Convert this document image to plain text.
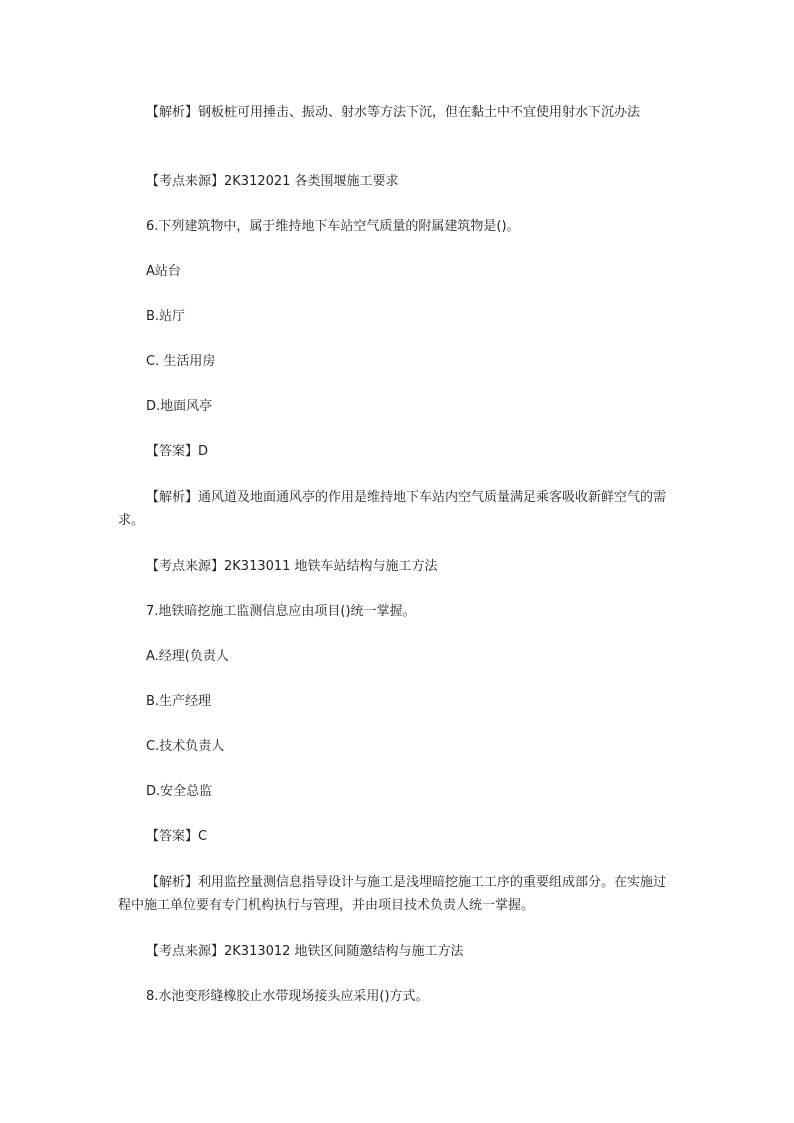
【解析】钢板桩可用捶击、振动、射水等方法下沉，但在黏土中不宜使用射水下沉办法

【考点来源】2K312021 各类围堰施工要求

6.下列建筑物中，属于维持地下车站空气质量的附属建筑物是()。

A站台

B.站厅

C. 生活用房

D.地面风亭

【答案】D

【解析】通风道及地面通风亭的作用是维持地下车站内空气质量满足乘客吸收新鲜空气的需求。

【考点来源】2K313011 地铁车站结构与施工方法

7.地铁暗挖施工监测信息应由项目()统一掌握。

A.经理(负责人

B.生产经理

C.技术负责人

D.安全总监

【答案】C

【解析】利用监控量测信息指导设计与施工是浅埋暗挖施工工序的重要组成部分。在实施过程中施工单位要有专门机构执行与管理，并由项目技术负责人统一掌握。

【考点来源】2K313012 地铁区间随邀结构与施工方法

8.水池变形缝橡胶止水带现场接头应采用()方式。
